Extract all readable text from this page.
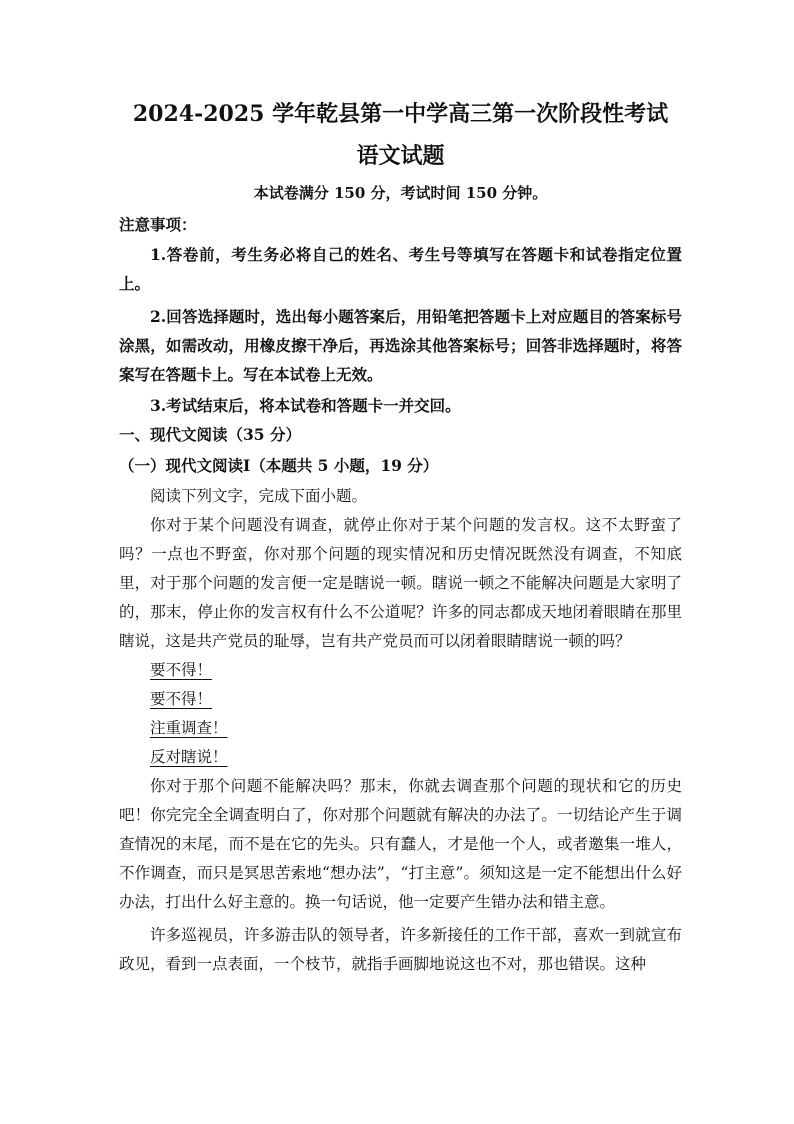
2024-2025 学年乾县第一中学高三第一次阶段性考试
语文试题

本试卷满分 150 分，考试时间 150 分钟。

注意事项：

1.答卷前，考生务必将自己的姓名、考生号等填写在答题卡和试卷指定位置上。

2.回答选择题时，选出每小题答案后，用铅笔把答题卡上对应题目的答案标号涂黑，如需改动，用橡皮擦干净后，再选涂其他答案标号；回答非选择题时，将答案写在答题卡上。写在本试卷上无效。

3.考试结束后，将本试卷和答题卡一并交回。

一、现代文阅读（35 分）

（一）现代文阅读Ⅰ（本题共 5 小题，19 分）

阅读下列文字，完成下面小题。

你对于某个问题没有调查，就停止你对于某个问题的发言权。这不太野蛮了吗？一点也不野蛮，你对那个问题的现实情况和历史情况既然没有调查，不知底里，对于那个问题的发言便一定是瞎说一顿。瞎说一顿之不能解决问题是大家明了的，那末，停止你的发言权有什么不公道呢？许多的同志都成天地闭着眼睛在那里瞎说，这是共产党员的耻辱，岂有共产党员而可以闭着眼睛瞎说一顿的吗？

要不得！

要不得！

注重调查！

反对瞎说！

你对于那个问题不能解决吗？那末，你就去调查那个问题的现状和它的历史吧！你完完全全调查明白了，你对那个问题就有解决的办法了。一切结论产生于调查情况的末尾，而不是在它的先头。只有蠢人，才是他一个人，或者邀集一堆人，不作调查，而只是冥思苦索地“想办法”，“打主意”。须知这是一定不能想出什么好办法，打出什么好主意的。换一句话说，他一定要产生错办法和错主意。

许多巡视员，许多游击队的领导者，许多新接任的工作干部，喜欢一到就宣布政见，看到一点表面，一个枝节，就指手画脚地说这也不对，那也错误。这种
